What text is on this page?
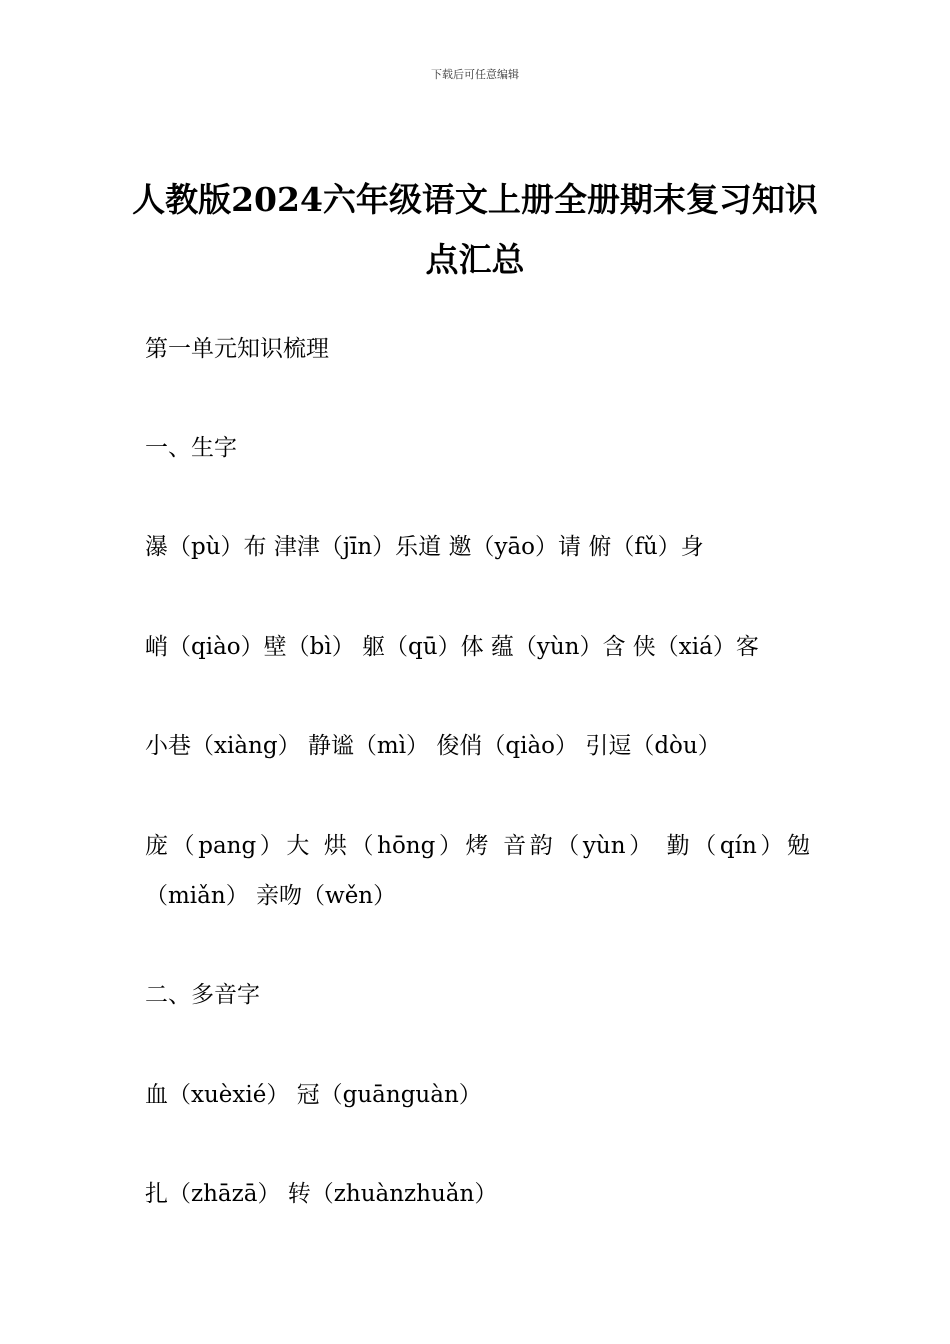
下载后可任意编辑
人教版2024六年级语文上册全册期末复习知识点汇总

第一单元知识梳理

一、生字

瀑（pù）布 津津（jīn）乐道 邀（yāo）请 俯（fǔ）身

峭（qiào）壁（bì） 躯（qū）体 蕴（yùn）含 侠（xiá）客

小巷（xiàng） 静谧（mì） 俊俏（qiào） 引逗（dòu）

庞（pang）大 烘（hōng）烤 音韵（yùn） 勤（qín）勉（miǎn） 亲吻（wěn）

二、多音字

血（xuèxié） 冠（guānguàn）

扎（zhāzā） 转（zhuànzhuǎn）
